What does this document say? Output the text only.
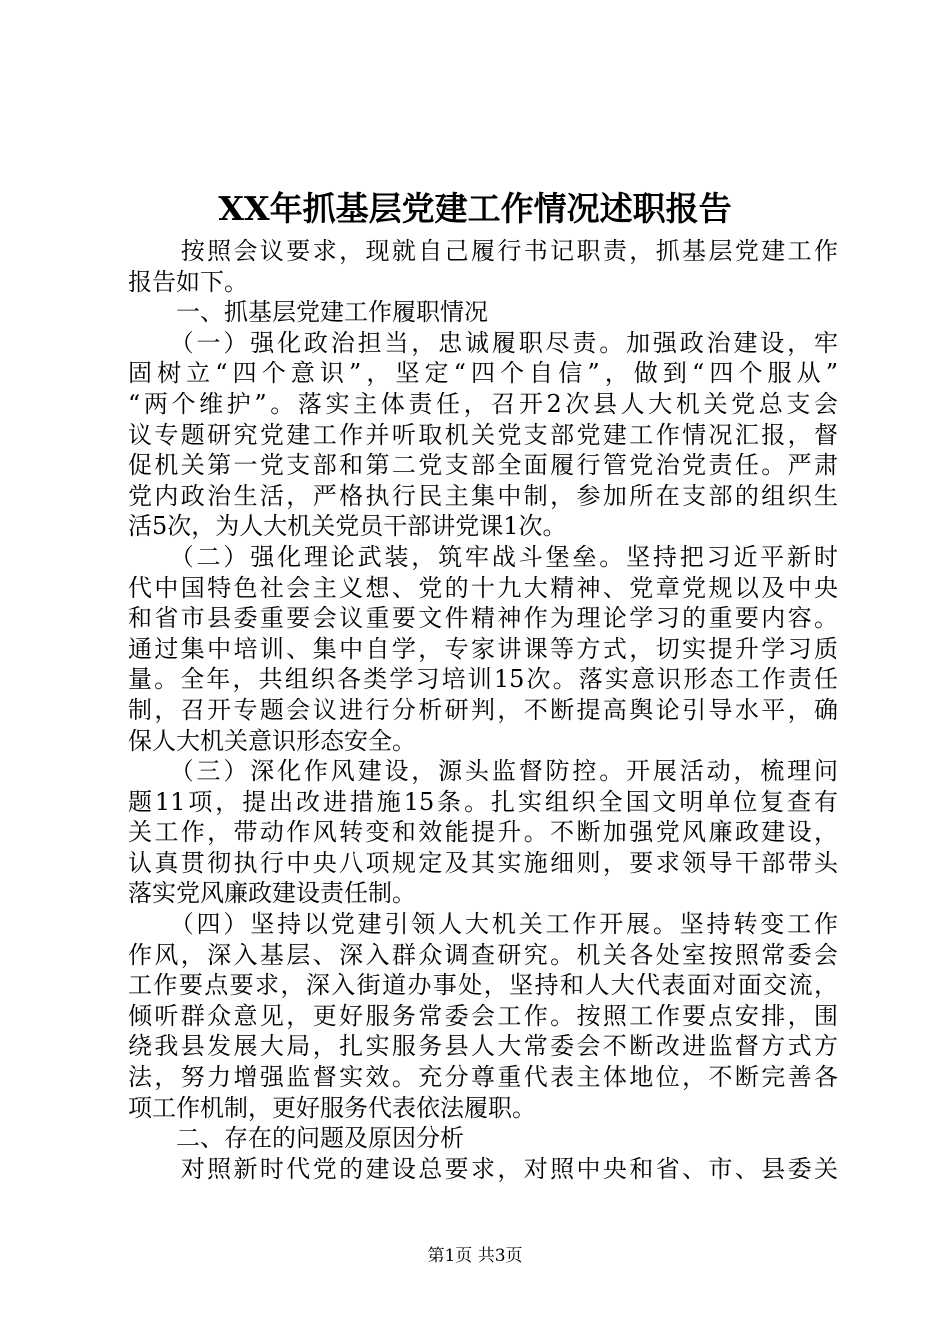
XX年抓基层党建工作情况述职报告
　　按照会议要求，现就自己履行书记职责，抓基层党建工作
报告如下。
　　一、抓基层党建工作履职情况
　　（一）强化政治担当，忠诚履职尽责。加强政治建设，牢
固树立“四个意识”，坚定“四个自信”，做到“四个服从”
“两个维护”。落实主体责任，召开2次县人大机关党总支会
议专题研究党建工作并听取机关党支部党建工作情况汇报，督
促机关第一党支部和第二党支部全面履行管党治党责任。严肃
党内政治生活，严格执行民主集中制，参加所在支部的组织生
活5次，为人大机关党员干部讲党课1次。
　　（二）强化理论武装，筑牢战斗堡垒。坚持把习近平新时
代中国特色社会主义想、党的十九大精神、党章党规以及中央
和省市县委重要会议重要文件精神作为理论学习的重要内容。
通过集中培训、集中自学，专家讲课等方式，切实提升学习质
量。全年，共组织各类学习培训15次。落实意识形态工作责任
制，召开专题会议进行分析研判，不断提高舆论引导水平，确
保人大机关意识形态安全。
　　（三）深化作风建设，源头监督防控。开展活动，梳理问
题11项，提出改进措施15条。扎实组织全国文明单位复查有
关工作，带动作风转变和效能提升。不断加强党风廉政建设，
认真贯彻执行中央八项规定及其实施细则，要求领导干部带头
落实党风廉政建设责任制。
　　（四）坚持以党建引领人大机关工作开展。坚持转变工作
作风，深入基层、深入群众调查研究。机关各处室按照常委会
工作要点要求，深入街道办事处，坚持和人大代表面对面交流，
倾听群众意见，更好服务常委会工作。按照工作要点安排，围
绕我县发展大局，扎实服务县人大常委会不断改进监督方式方
法，努力增强监督实效。充分尊重代表主体地位，不断完善各
项工作机制，更好服务代表依法履职。
　　二、存在的问题及原因分析
　　对照新时代党的建设总要求，对照中央和省、市、县委关
第1页 共3页
